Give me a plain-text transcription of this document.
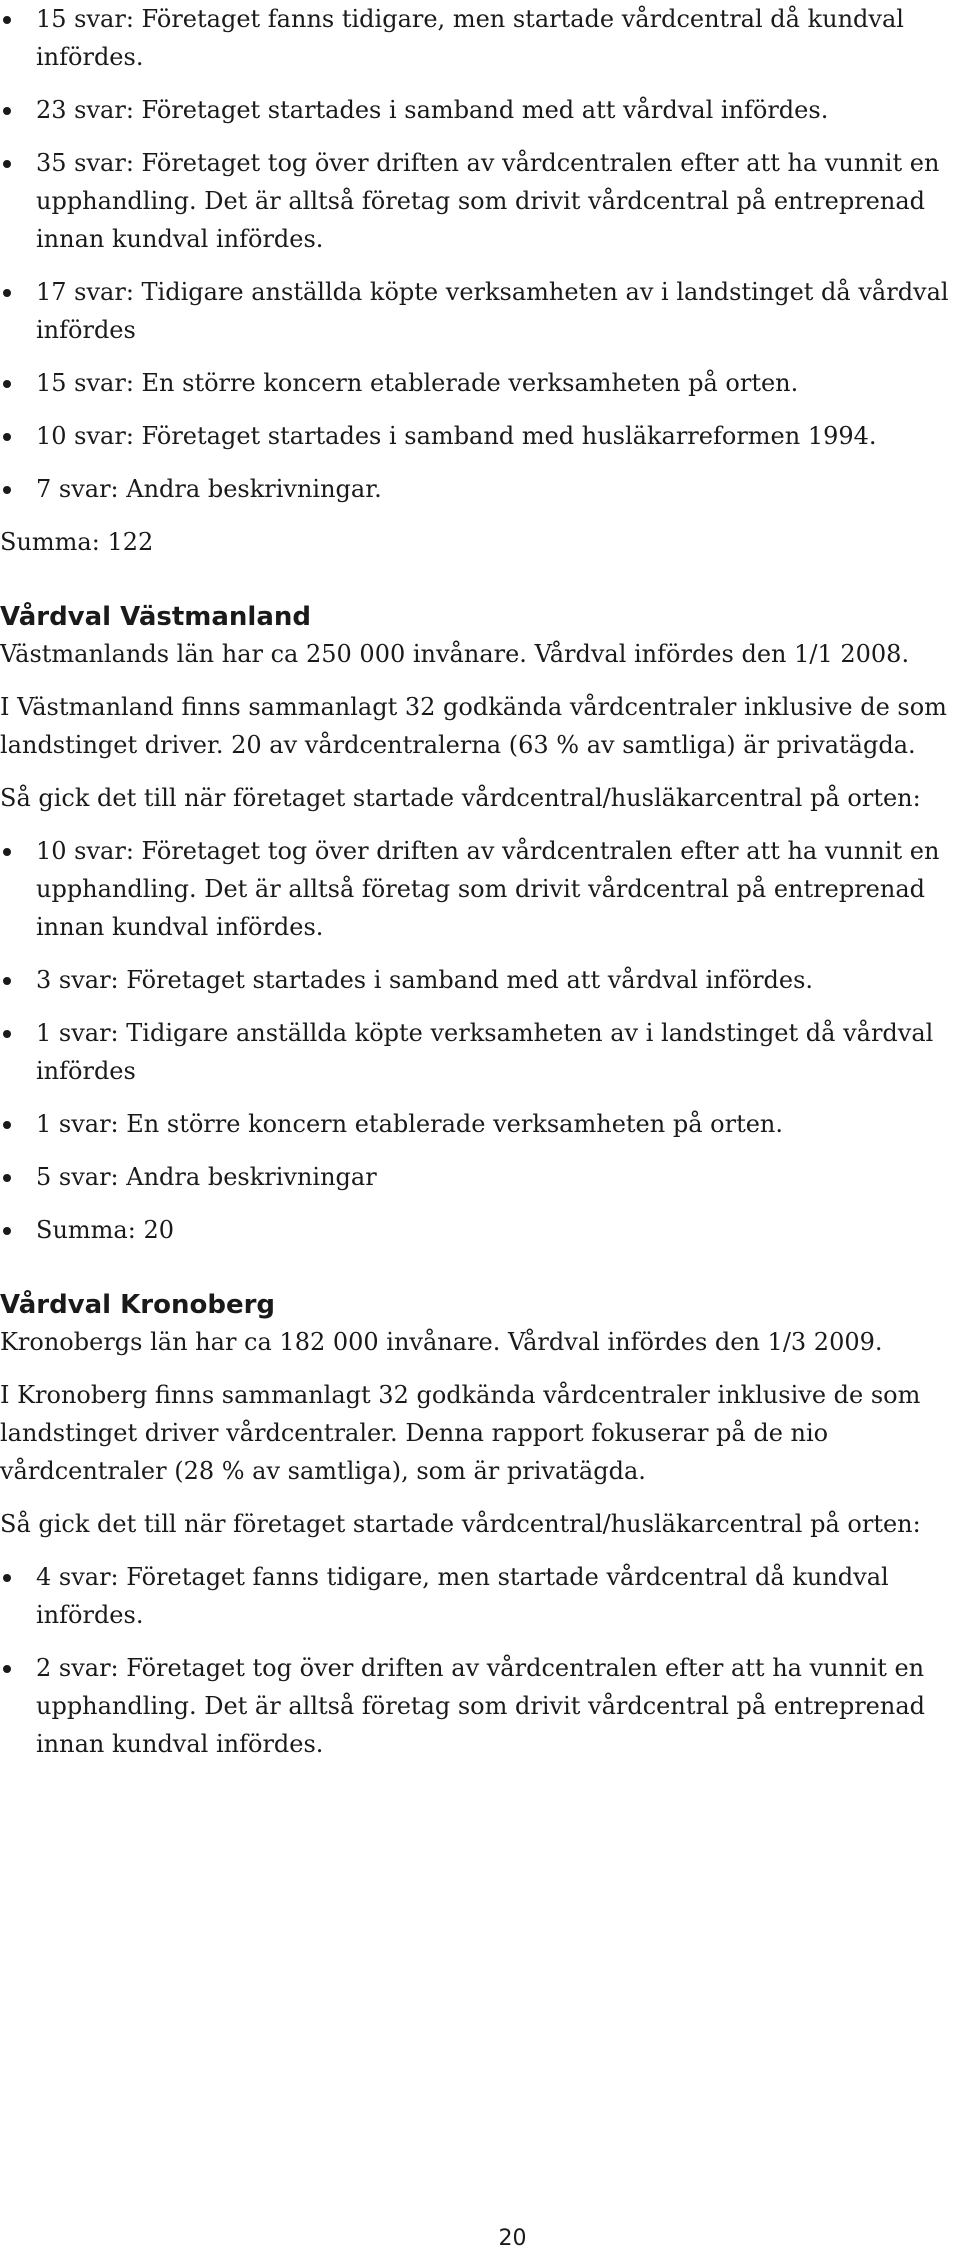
15 svar: Företaget fanns tidigare, men startade vårdcentral då kundval infördes.
23 svar: Företaget startades i samband med att vårdval infördes.
35 svar: Företaget tog över driften av vårdcentralen efter att ha vunnit en upphandling. Det är alltså företag som drivit vårdcentral på entreprenad innan kundval infördes.
17 svar: Tidigare anställda köpte verksamheten av i landstinget då vårdval infördes
15 svar: En större koncern etablerade verksamheten på orten.
10 svar: Företaget startades i samband med husläkarreformen 1994.
7 svar: Andra beskrivningar.

Summa: 122

Vårdval Västmanland

Västmanlands län har ca 250 000 invånare. Vårdval infördes den 1/1 2008.

I Västmanland finns sammanlagt 32 godkända vårdcentraler inklusive de som landstinget driver. 20 av vårdcentralerna (63 % av samtliga) är privatägda.

Så gick det till när företaget startade vårdcentral/husläkarcentral på orten:

10 svar: Företaget tog över driften av vårdcentralen efter att ha vunnit en upphandling. Det är alltså företag som drivit vårdcentral på entreprenad innan kundval infördes.
3 svar: Företaget startades i samband med att vårdval infördes.
1 svar: Tidigare anställda köpte verksamheten av i landstinget då vårdval infördes
1 svar: En större koncern etablerade verksamheten på orten.
5 svar: Andra beskrivningar
Summa: 20
Vårdval Kronoberg

Kronobergs län har ca 182 000 invånare. Vårdval infördes den 1/3 2009.

I Kronoberg finns sammanlagt 32 godkända vårdcentraler inklusive de som landstinget driver vårdcentraler. Denna rapport fokuserar på de nio vårdcentraler (28 % av samtliga), som är privatägda.

Så gick det till när företaget startade vårdcentral/husläkarcentral på orten:

4 svar: Företaget fanns tidigare, men startade vårdcentral då kundval infördes.
2 svar: Företaget tog över driften av vårdcentralen efter att ha vunnit en upphandling. Det är alltså företag som drivit vårdcentral på entreprenad innan kundval infördes.
20
